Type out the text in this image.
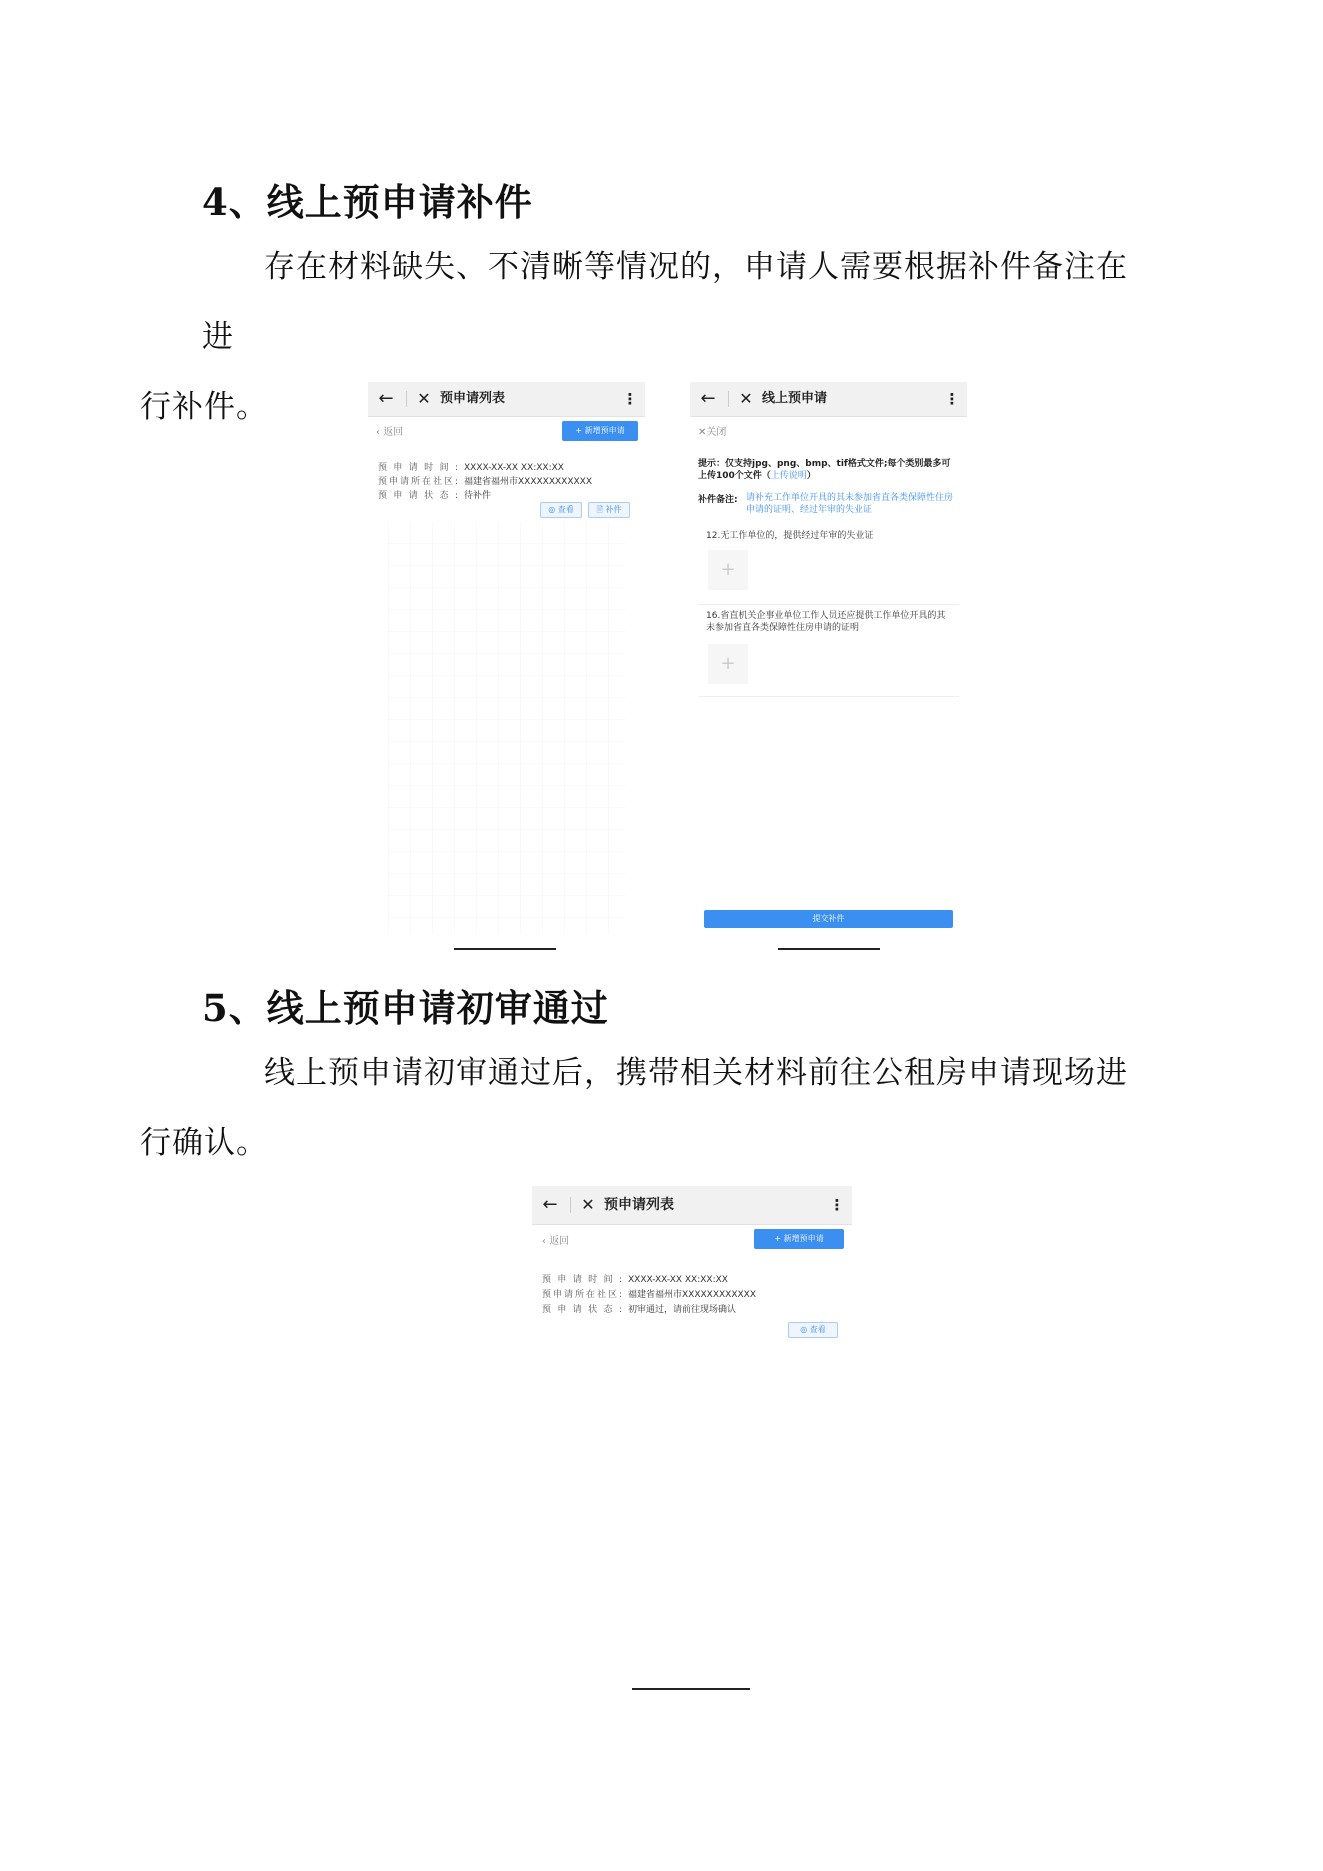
4、线上预申请补件

存在材料缺失、不清晰等情况的，申请人需要根据补件备注在进
行补件。	← ✕ 预申请列表	⋮
‹ 返回	+ 新增预申请
预申请时间: XXXX-XX-XX XX:XX:XX
预申请所在社区: 福建省福州市XXXXXXXXXXXX
预申请状态: 待补件
◎ 查看	🗎 补件
← ✕ 线上预申请	⋮
✕关闭
提示：仅支持jpg、png、bmp、tif格式文件;每个类别最多可上传100个文件（上传说明）
补件备注: 请补充工作单位开具的其未参加省直各类保障性住房申请的证明、经过年审的失业证
12.无工作单位的，提供经过年审的失业证
+
16.省直机关企事业单位工作人员还应提供工作单位开具的其未参加省直各类保障性住房申请的证明
+
提交补件
5、线上预申请初审通过

线上预申请初审通过后，携带相关材料前往公租房申请现场进
行确认。

← ✕ 预申请列表	⋮
‹ 返回	+ 新增预申请
预申请时间: XXXX-XX-XX XX:XX:XX
预申请所在社区: 福建省福州市XXXXXXXXXXXX
预申请状态: 初审通过，请前往现场确认
◎ 查看
